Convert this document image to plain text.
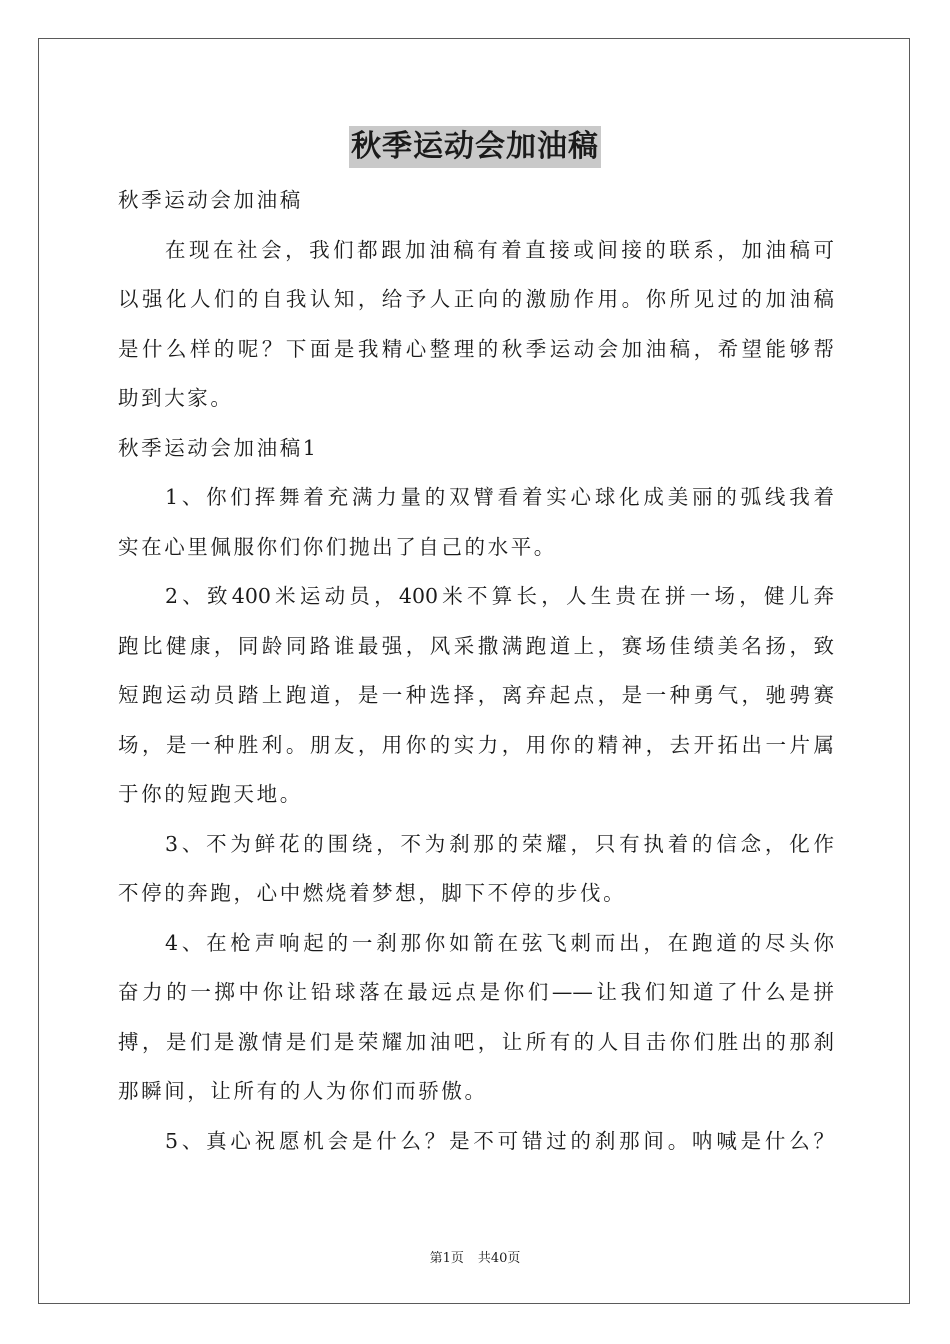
秋季运动会加油稿
秋季运动会加油稿
在现在社会，我们都跟加油稿有着直接或间接的联系，加油稿可
以强化人们的自我认知，给予人正向的激励作用。你所见过的加油稿
是什么样的呢？下面是我精心整理的秋季运动会加油稿，希望能够帮
助到大家。
秋季运动会加油稿1
1、你们挥舞着充满力量的双臂看着实心球化成美丽的弧线我着
实在心里佩服你们你们抛出了自己的水平。
2、致400米运动员，400米不算长，人生贵在拼一场，健儿奔
跑比健康，同龄同路谁最强，风采撒满跑道上，赛场佳绩美名扬，致
短跑运动员踏上跑道，是一种选择，离弃起点，是一种勇气，驰骋赛
场，是一种胜利。朋友，用你的实力，用你的精神，去开拓出一片属
于你的短跑天地。
3、不为鲜花的围绕，不为刹那的荣耀，只有执着的信念，化作
不停的奔跑，心中燃烧着梦想，脚下不停的步伐。
4、在枪声响起的一刹那你如箭在弦飞刺而出，在跑道的尽头你
奋力的一掷中你让铅球落在最远点是你们——让我们知道了什么是拼
搏，是们是激情是们是荣耀加油吧，让所有的人目击你们胜出的那刹
那瞬间，让所有的人为你们而骄傲。
5、真心祝愿机会是什么？是不可错过的刹那间。呐喊是什么？
第1页 共40页
